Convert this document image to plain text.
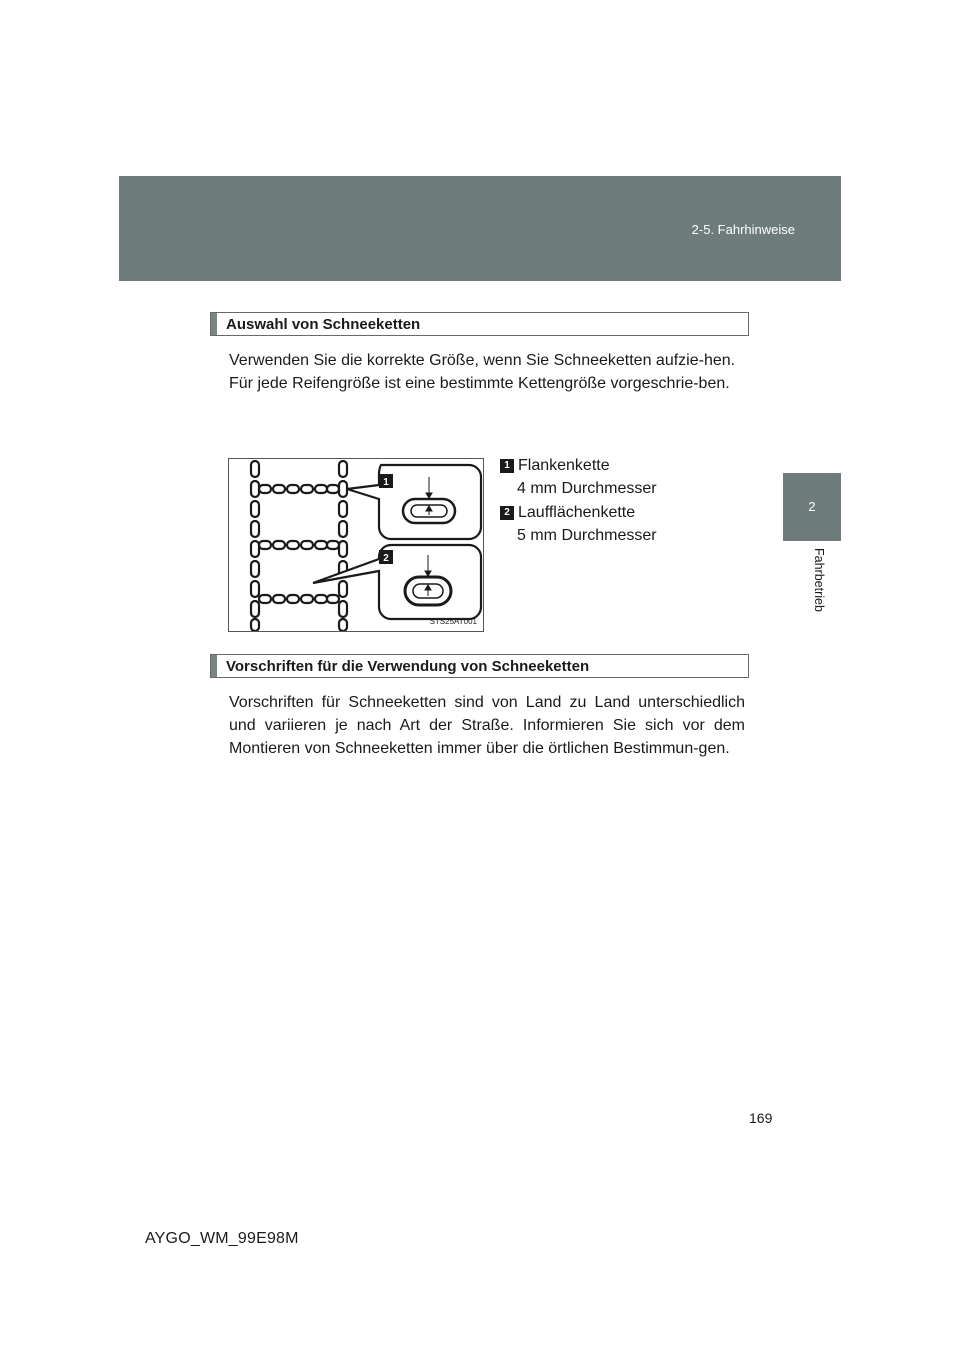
2-5. Fahrhinweise
2
Fahrbetrieb
Auswahl von Schneeketten

Verwenden Sie die korrekte Größe, wenn Sie Schneeketten aufzie-hen.

Für jede Reifengröße ist eine bestimmte Kettengröße vorgeschrie-ben.

1
2
STS25AT001
1 Flankenkette
4 mm Durchmesser
2 Laufflächenkette
5 mm Durchmesser
Vorschriften für die Verwendung von Schneeketten

Vorschriften für Schneeketten sind von Land zu Land unterschiedlich und variieren je nach Art der Straße. Informieren Sie sich vor dem Montieren von Schneeketten immer über die örtlichen Bestimmun-gen.

169
AYGO_WM_99E98M
